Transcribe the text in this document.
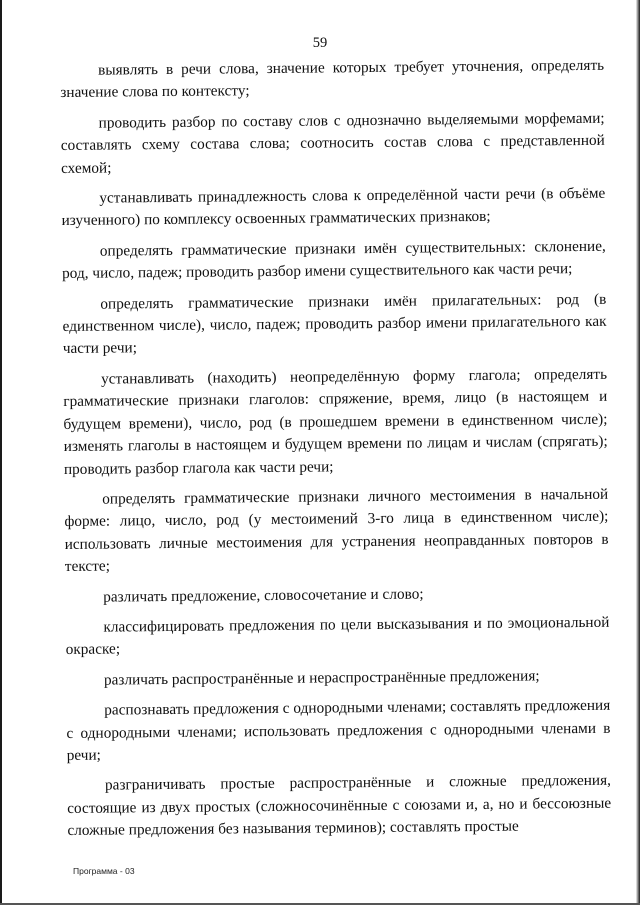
59

выявлять в речи слова, значение которых требует уточнения, определять значение слова по контексту;

проводить разбор по составу слов с однозначно выделяемыми морфемами; составлять схему состава слова; соотносить состав слова с представленной схемой;

устанавливать принадлежность слова к определённой части речи (в объёме изученного) по комплексу освоенных грамматических признаков;

определять грамматические признаки имён существительных: склонение, род, число, падеж; проводить разбор имени существительного как части речи;

определять грамматические признаки имён прилагательных: род (в единственном числе), число, падеж; проводить разбор имени прилагательного как части речи;

устанавливать (находить) неопределённую форму глагола; определять грамматические признаки глаголов: спряжение, время, лицо (в настоящем и будущем времени), число, род (в прошедшем времени в единственном числе); изменять глаголы в настоящем и будущем времени по лицам и числам (спрягать); проводить разбор глагола как части речи;

определять грамматические признаки личного местоимения в начальной форме: лицо, число, род (у местоимений 3-го лица в единственном числе); использовать личные местоимения для устранения неоправданных повторов в тексте;

различать предложение, словосочетание и слово;

классифицировать предложения по цели высказывания и по эмоциональной окраске;

различать распространённые и нераспространённые предложения;

распознавать предложения с однородными членами; составлять предложения с однородными членами; использовать предложения с однородными членами в речи;

разграничивать простые распространённые и сложные предложения, состоящие из двух простых (сложносочинённые с союзами и, а, но и бессоюзные сложные предложения без называния терминов); составлять простые

Программа - 03
